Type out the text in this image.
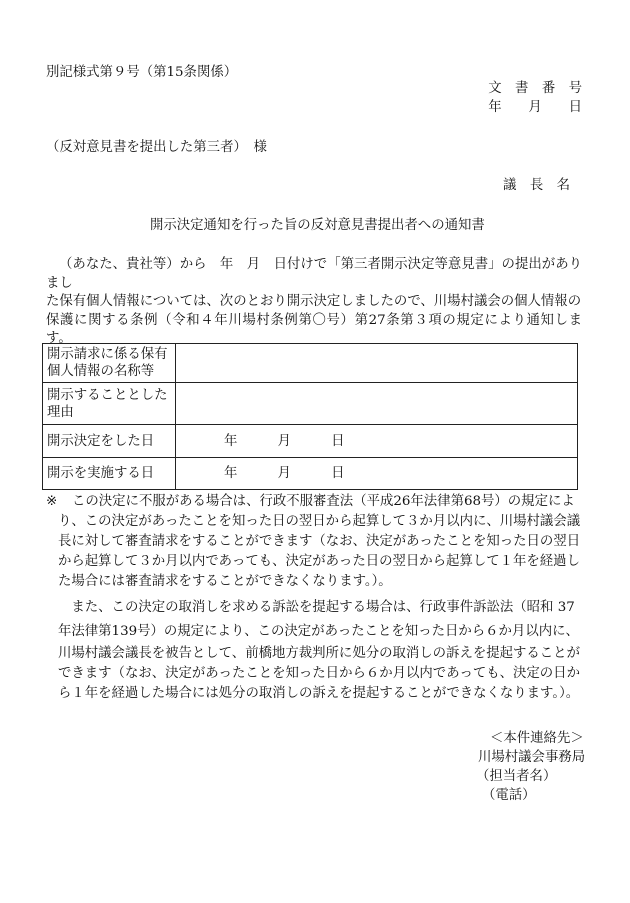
別記様式第９号（第15条関係）
文　書　番　号
年　　月　　日
（反対意見書を提出した第三者）　様
議　長　名
開示決定通知を行った旨の反対意見書提出者への通知書
（あなた、貴社等）から　年　月　日付けで「第三者開示決定等意見書」の提出がありまし
た保有個人情報については、次のとおり開示決定しましたので、川場村議会の個人情報の
保護に関する条例（令和４年川場村条例第〇号）第27条第３項の規定により通知します。
開示請求に係る保有
個人情報の名称等	

開示することとした
理由	

開示決定をした日	年　　　月　　　日

開示を実施する日	年　　　月　　　日
※ この決定に不服がある場合は、行政不服審査法（平成26年法律第68号）の規定によ
り、この決定があったことを知った日の翌日から起算して３か月以内に、川場村議会議
長に対して審査請求をすることができます（なお、決定があったことを知った日の翌日
から起算して３か月以内であっても、決定があった日の翌日から起算して１年を経過し
た場合には審査請求をすることができなくなります。）。
　また、この決定の取消しを求める訴訟を提起する場合は、行政事件訴訟法（昭和 37
年法律第139号）の規定により、この決定があったことを知った日から６か月以内に、
川場村議会議長を被告として、前橋地方裁判所に処分の取消しの訴えを提起することが
できます（なお、決定があったことを知った日から６か月以内であっても、決定の日か
ら１年を経過した場合には処分の取消しの訴えを提起することができなくなります。）。
＜本件連絡先＞
川場村議会事務局
（担当者名）
（電話）
